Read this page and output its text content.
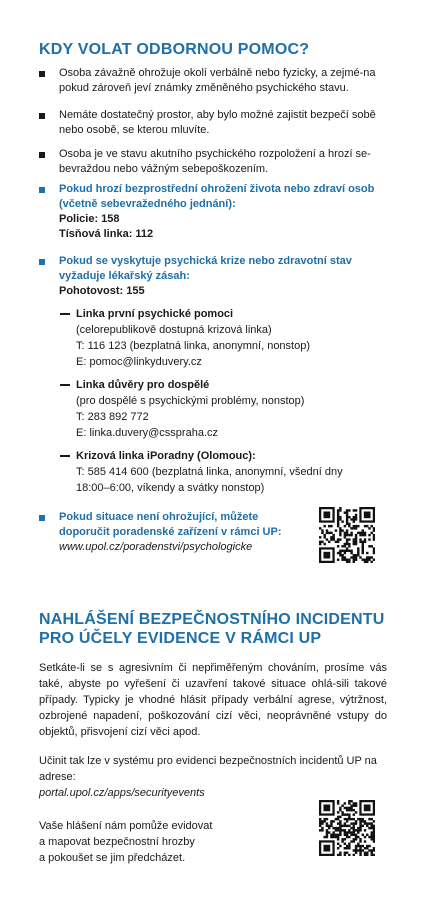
KDY VOLAT ODBORNOU POMOC?
Osoba závažně ohrožuje okolí verbálně nebo fyzicky, a zejmé-na pokud zároveň jeví známky změněného psychického stavu.
Nemáte dostatečný prostor, aby bylo možné zajistit bezpečí sobě nebo osobě, se kterou mluvíte.
Osoba je ve stavu akutního psychického rozpoložení a hrozí se-bevraždou nebo vážným sebepoškozením.
Pokud hrozí bezprostřední ohrožení života nebo zdraví osob (včetně sebevražedného jednání):
Policie: 158
Tísňová linka: 112
Pokud se vyskytuje psychická krize nebo zdravotní stav vyžaduje lékařský zásah:
Pohotovost: 155
Linka první psychické pomoci
(celorepublikově dostupná krizová linka)
T: 116 123 (bezplatná linka, anonymní, nonstop)
E: pomoc@linkyduvery.cz
Linka důvěry pro dospělé
(pro dospělé s psychickými problémy, nonstop)
T: 283 892 772
E: linka.duvery@csspraha.cz
Krizová linka iPoradny (Olomouc):
T: 585 414 600 (bezplatná linka, anonymní, všední dny
18:00–6:00, víkendy a svátky nonstop)
Pokud situace není ohrožující, můžete doporučit poradenské zařízení v rámci UP:
www.upol.cz/poradenstvi/psychologicke
NAHLÁŠENÍ BEZPEČNOSTNÍHO INCIDENTU
PRO ÚČELY EVIDENCE V RÁMCI UP
Setkáte-li se s agresivním či nepřiměřeným chováním, prosíme vás také, abyste po vyřešení či uzavření takové situace ohlá-sili takové případy. Typicky je vhodné hlásit případy verbální agrese, výtržnost, ozbrojené napadení, poškozování cizí věci, neoprávněné vstupy do objektů, přisvojení cizí věci apod.
Učinit tak lze v systému pro evidenci bezpečnostních incidentů UP na adrese:
portal.upol.cz/apps/securityevents
Vaše hlášení nám pomůže evidovat
a mapovat bezpečnostní hrozby
a pokoušet se jim předcházet.
